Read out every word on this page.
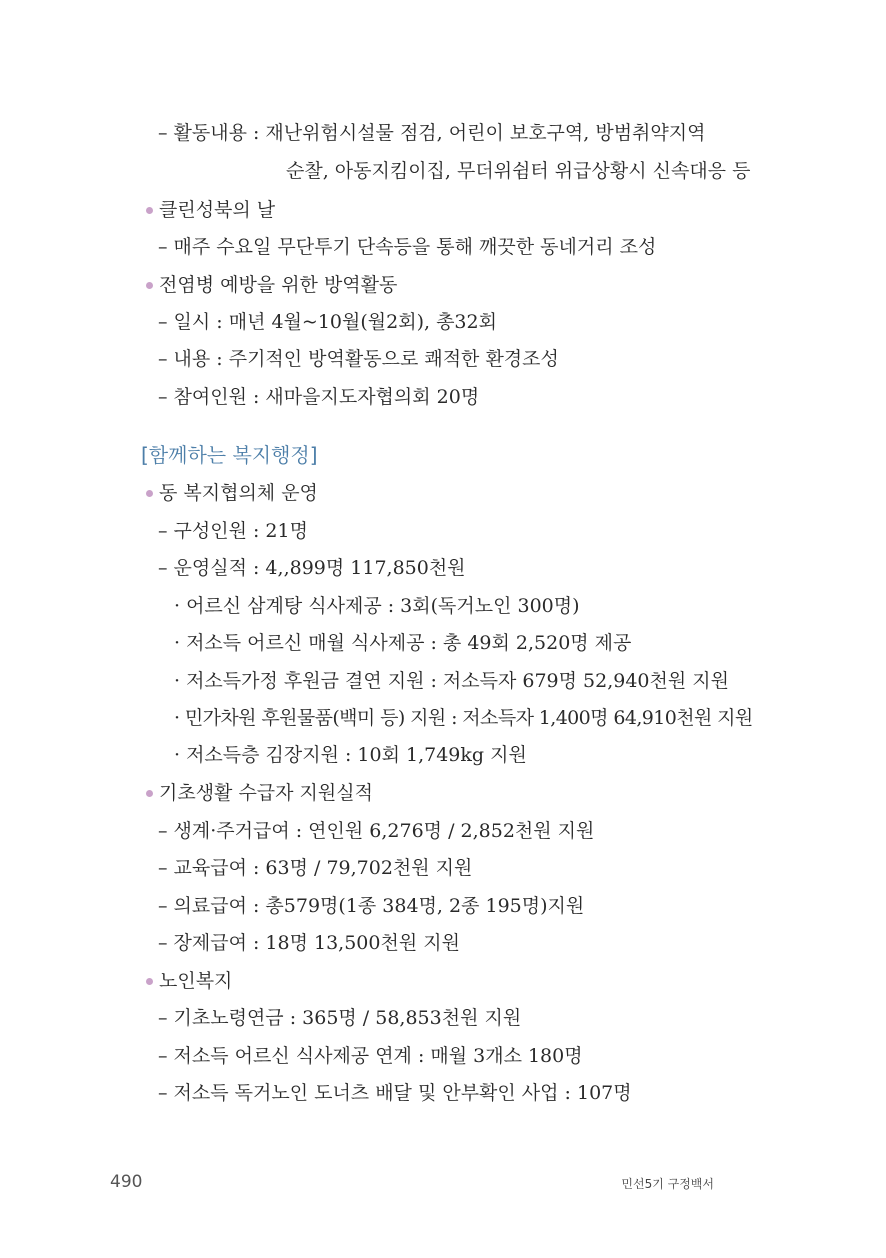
– 활동내용 : 재난위험시설물 점검, 어린이 보호구역, 방범취약지역
순찰, 아동지킴이집, 무더위쉼터 위급상황시 신속대응 등
클린성북의 날
– 매주 수요일 무단투기 단속등을 통해 깨끗한 동네거리 조성
전염병 예방을 위한 방역활동
– 일시 : 매년 4월~10월(월2회), 총32회
– 내용 : 주기적인 방역활동으로 쾌적한 환경조성
– 참여인원 : 새마을지도자협의회 20명
[함께하는 복지행정]
동 복지협의체 운영
– 구성인원 : 21명
– 운영실적 : 4,,899명 117,850천원
· 어르신 삼계탕 식사제공 : 3회(독거노인 300명)
· 저소득 어르신 매월 식사제공 : 총 49회 2,520명 제공
· 저소득가정 후원금 결연 지원 : 저소득자 679명 52,940천원 지원
· 민가차원 후원물품(백미 등) 지원 : 저소득자 1,400명 64,910천원 지원
· 저소득층 김장지원 : 10회 1,749kg 지원
기초생활 수급자 지원실적
– 생계·주거급여 : 연인원 6,276명 / 2,852천원 지원
– 교육급여 : 63명 / 79,702천원 지원
– 의료급여 : 총579명(1종 384명, 2종 195명)지원
– 장제급여 : 18명 13,500천원 지원
노인복지
– 기초노령연금 : 365명 / 58,853천원 지원
– 저소득 어르신 식사제공 연계 : 매월 3개소 180명
– 저소득 독거노인 도너츠 배달 및 안부확인 사업 : 107명
490	민선5기 구정백서
